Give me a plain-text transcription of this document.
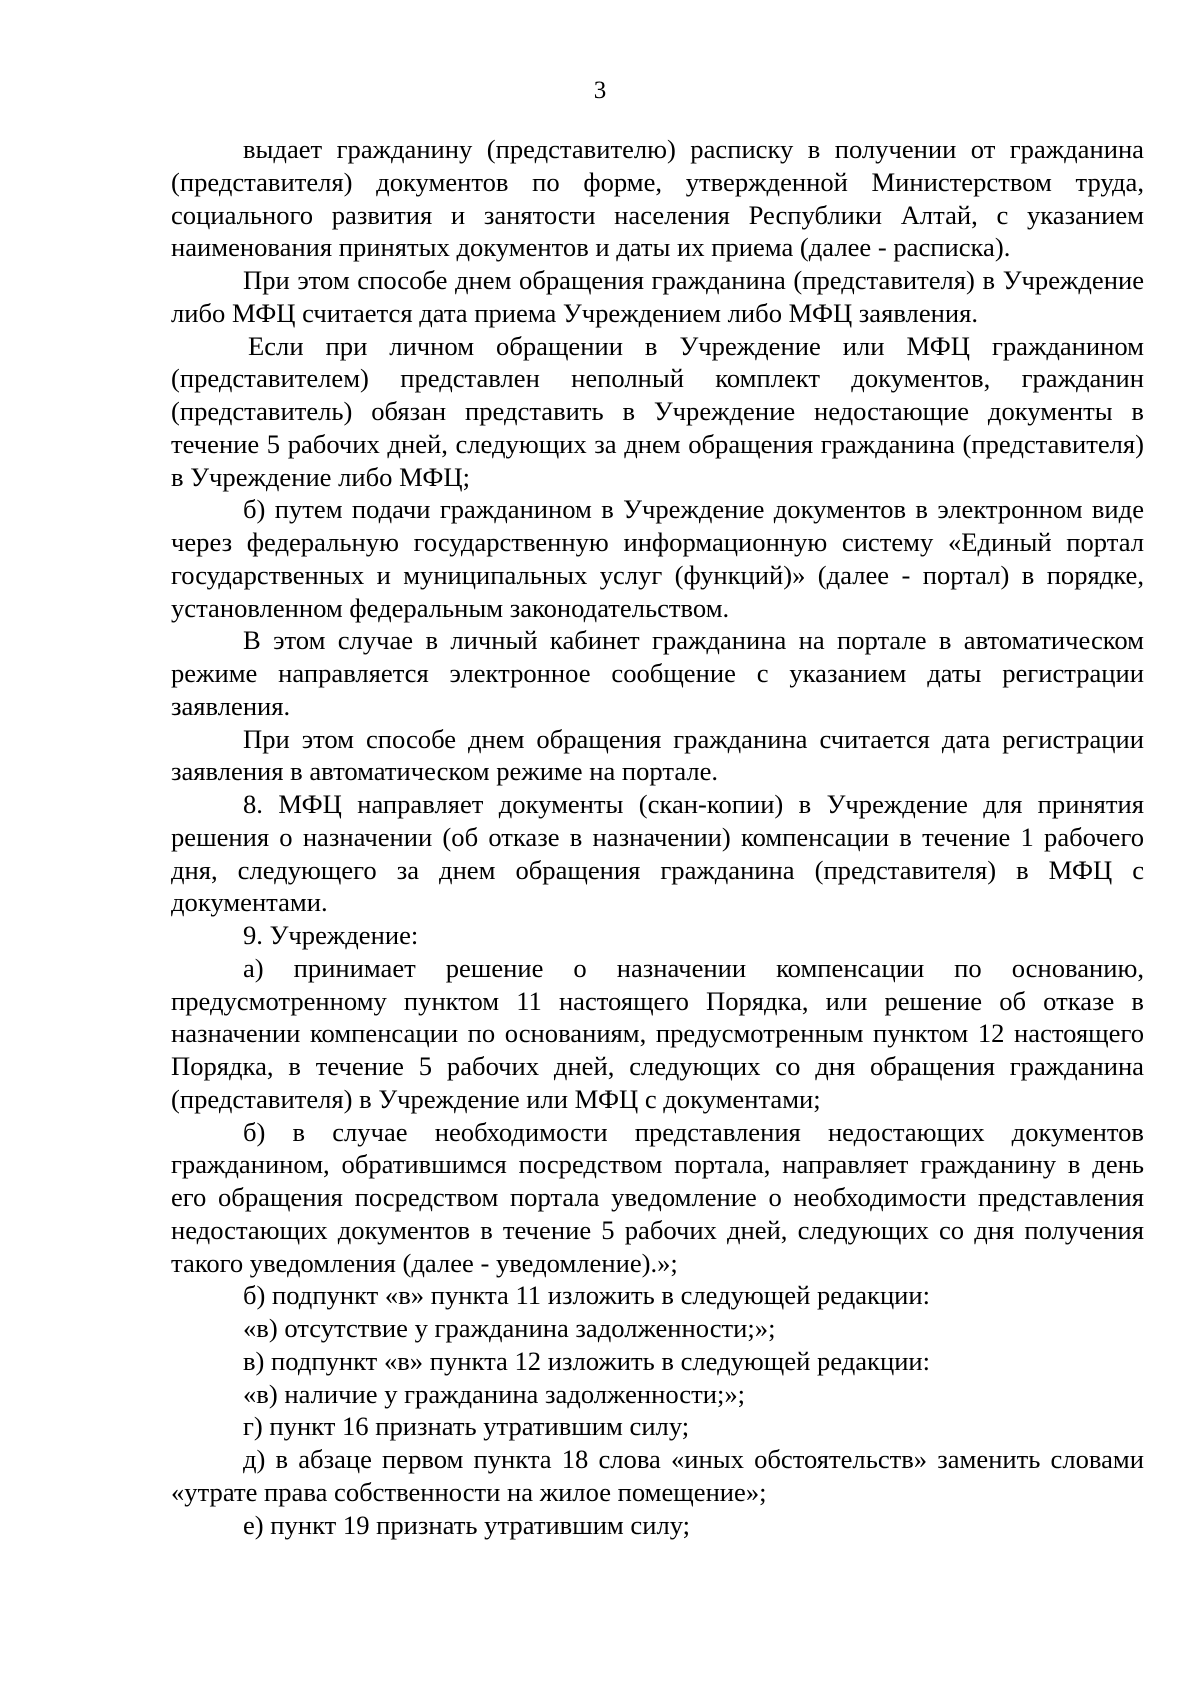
3

выдает гражданину (представителю) расписку в получении от гражданина (представителя) документов по форме, утвержденной Министерством труда, социального развития и занятости населения Республики Алтай, с указанием наименования принятых документов и даты их приема (далее - расписка).

При этом способе днем обращения гражданина (представителя) в Учреждение либо МФЦ считается дата приема Учреждением либо МФЦ заявления.

Если при личном обращении в Учреждение или МФЦ гражданином (представителем) представлен неполный комплект документов, гражданин (представитель) обязан представить в Учреждение недостающие документы в течение 5 рабочих дней, следующих за днем обращения гражданина (представителя) в Учреждение либо МФЦ;

б) путем подачи гражданином в Учреждение документов в электронном виде через федеральную государственную информационную систему «Единый портал государственных и муниципальных услуг (функций)» (далее - портал) в порядке, установленном федеральным законодательством.

В этом случае в личный кабинет гражданина на портале в автоматическом режиме направляется электронное сообщение с указанием даты регистрации заявления.

При этом способе днем обращения гражданина считается дата регистрации заявления в автоматическом режиме на портале.

8. МФЦ направляет документы (скан-копии) в Учреждение для принятия решения о назначении (об отказе в назначении) компенсации в течение 1 рабочего дня, следующего за днем обращения гражданина (представителя) в МФЦ с документами.

9. Учреждение:

а) принимает решение о назначении компенсации по основанию, предусмотренному пунктом 11 настоящего Порядка, или решение об отказе в назначении компенсации по основаниям, предусмотренным пунктом 12 настоящего Порядка, в течение 5 рабочих дней, следующих со дня обращения гражданина (представителя) в Учреждение или МФЦ с документами;

б) в случае необходимости представления недостающих документов гражданином, обратившимся посредством портала, направляет гражданину в день его обращения посредством портала уведомление о необходимости представления недостающих документов в течение 5 рабочих дней, следующих со дня получения такого уведомления (далее - уведомление).»;

б) подпункт «в» пункта 11 изложить в следующей редакции:

«в) отсутствие у гражданина задолженности;»;

в) подпункт «в» пункта 12 изложить в следующей редакции:

«в) наличие у гражданина задолженности;»;

г) пункт 16 признать утратившим силу;

д) в абзаце первом пункта 18 слова «иных обстоятельств» заменить словами «утрате права собственности на жилое помещение»;

е) пункт 19 признать утратившим силу;
